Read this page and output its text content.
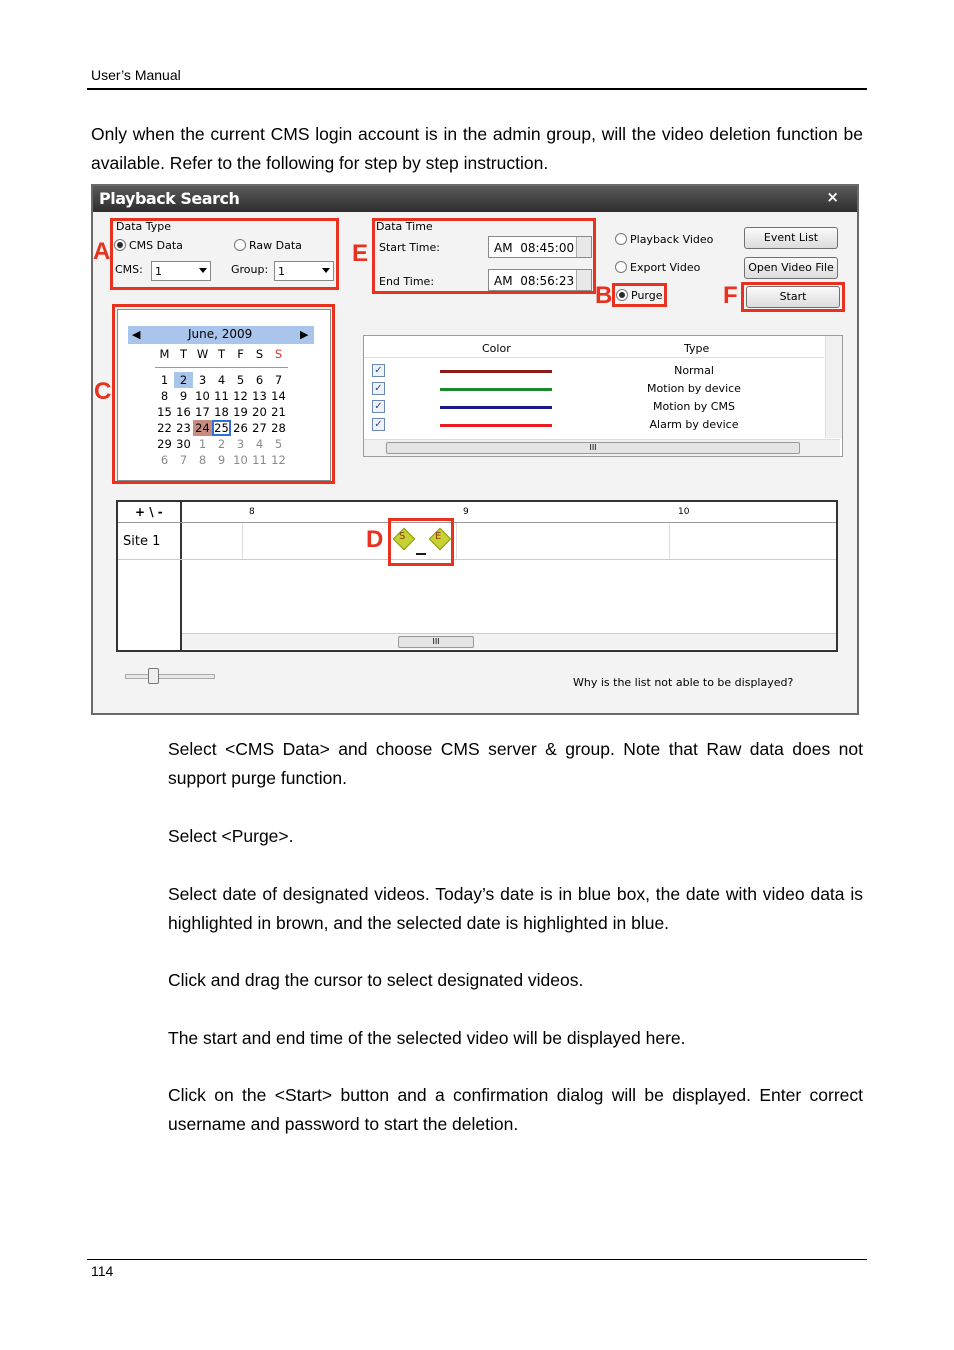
User’s Manual
Only when the current CMS login account is in the admin group, will the video deletion function be available. Refer to the following for step by step instruction.
Playback Search	×
A
Data Type
CMS Data	Raw Data
CMS: 1	Group: 1
E
Data Time
Start Time:	AM  08:45:00
End Time:	AM  08:56:23
Playback Video
Export Video
B	Purge
Event List
Open Video File
F	Start
C
◀	June, 2009	▶
M	T	W	T	F	S	S

1	2	3	4	5	6	7
8	9	10	11	12	13	14
15	16	17	18	19	20	21
22	23	24	25	26	27	28
29	30	1	2	3	4	5
6	7	8	9	10	11	12
Color	Type
✓	Normal
✓	Motion by device
✓	Motion by CMS
✓	Alarm by device
III
+ \ -
Site 1
8	9	10
S	E
III
D
Why is the list not able to be displayed?
Select <CMS Data> and choose CMS server & group. Note that Raw data does not support purge function.
Select <Purge>.
Select date of designated videos. Today’s date is in blue box, the date with video data is highlighted in brown, and the selected date is highlighted in blue.
Click and drag the cursor to select designated videos.
The start and end time of the selected video will be displayed here.
Click on the <Start> button and a confirmation dialog will be displayed. Enter correct username and password to start the deletion.
114
